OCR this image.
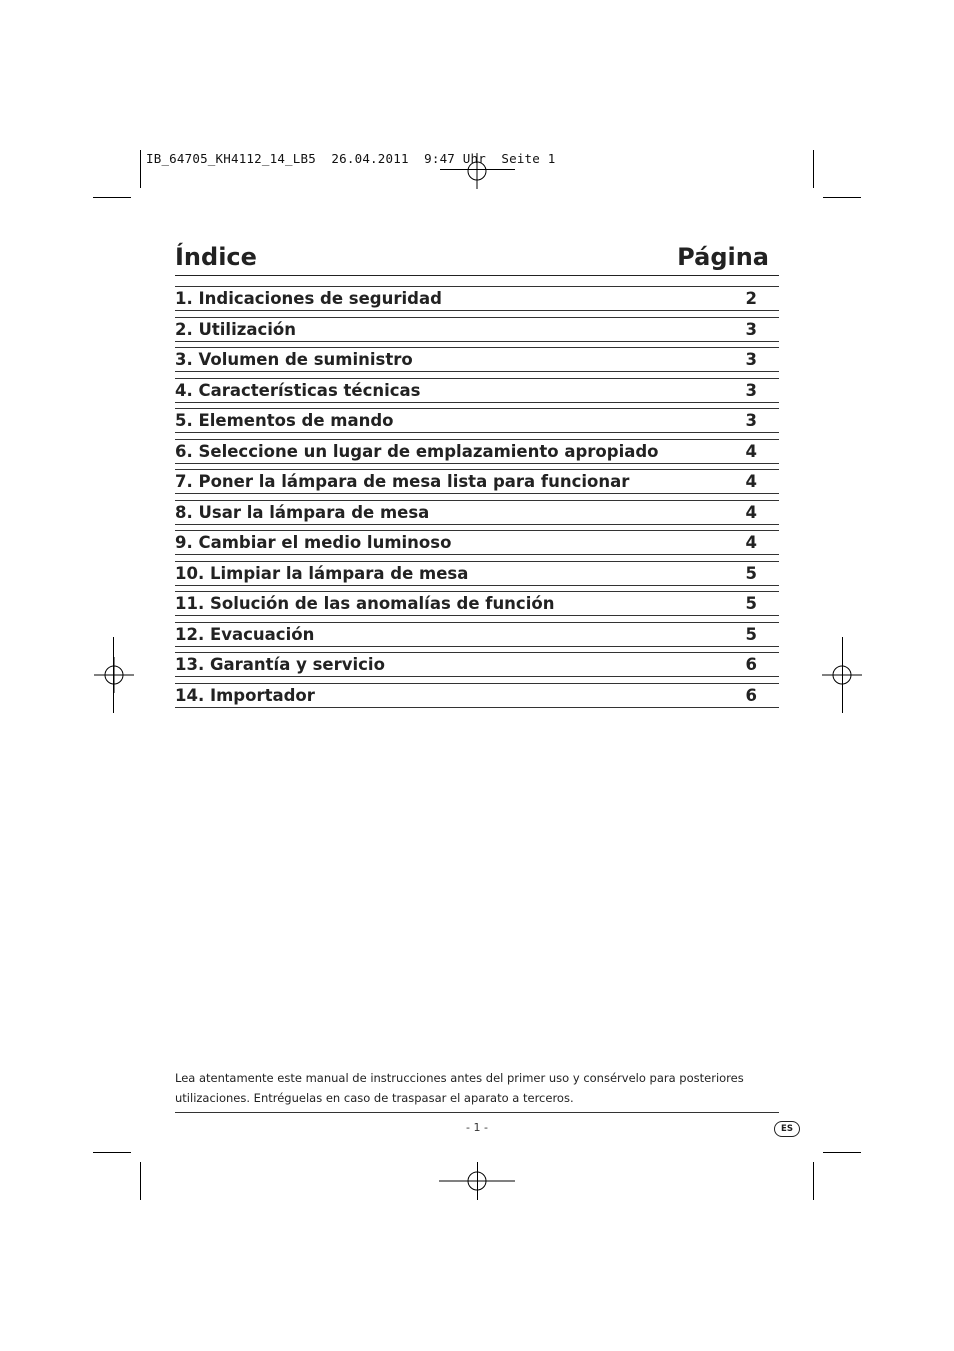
IB_64705_KH4112_14_LB5  26.04.2011  9:47 Uhr  Seite 1
Índice	Página
1. Indicaciones de seguridad	2
2. Utilización	3
3. Volumen de suministro	3
4. Características técnicas	3
5. Elementos de mando	3
6. Seleccione un lugar de emplazamiento apropiado	4
7. Poner la lámpara de mesa lista para funcionar	4
8. Usar la lámpara de mesa	4
9. Cambiar el medio luminoso	4
10. Limpiar la lámpara de mesa	5
11. Solución de las anomalías de función	5
12. Evacuación	5
13. Garantía y servicio	6
14. Importador	6
Lea atentamente este manual de instrucciones antes del primer uso y consérvelo para posteriores
utilizaciones. Entréguelas en caso de traspasar el aparato a terceros.
- 1 -	ES
